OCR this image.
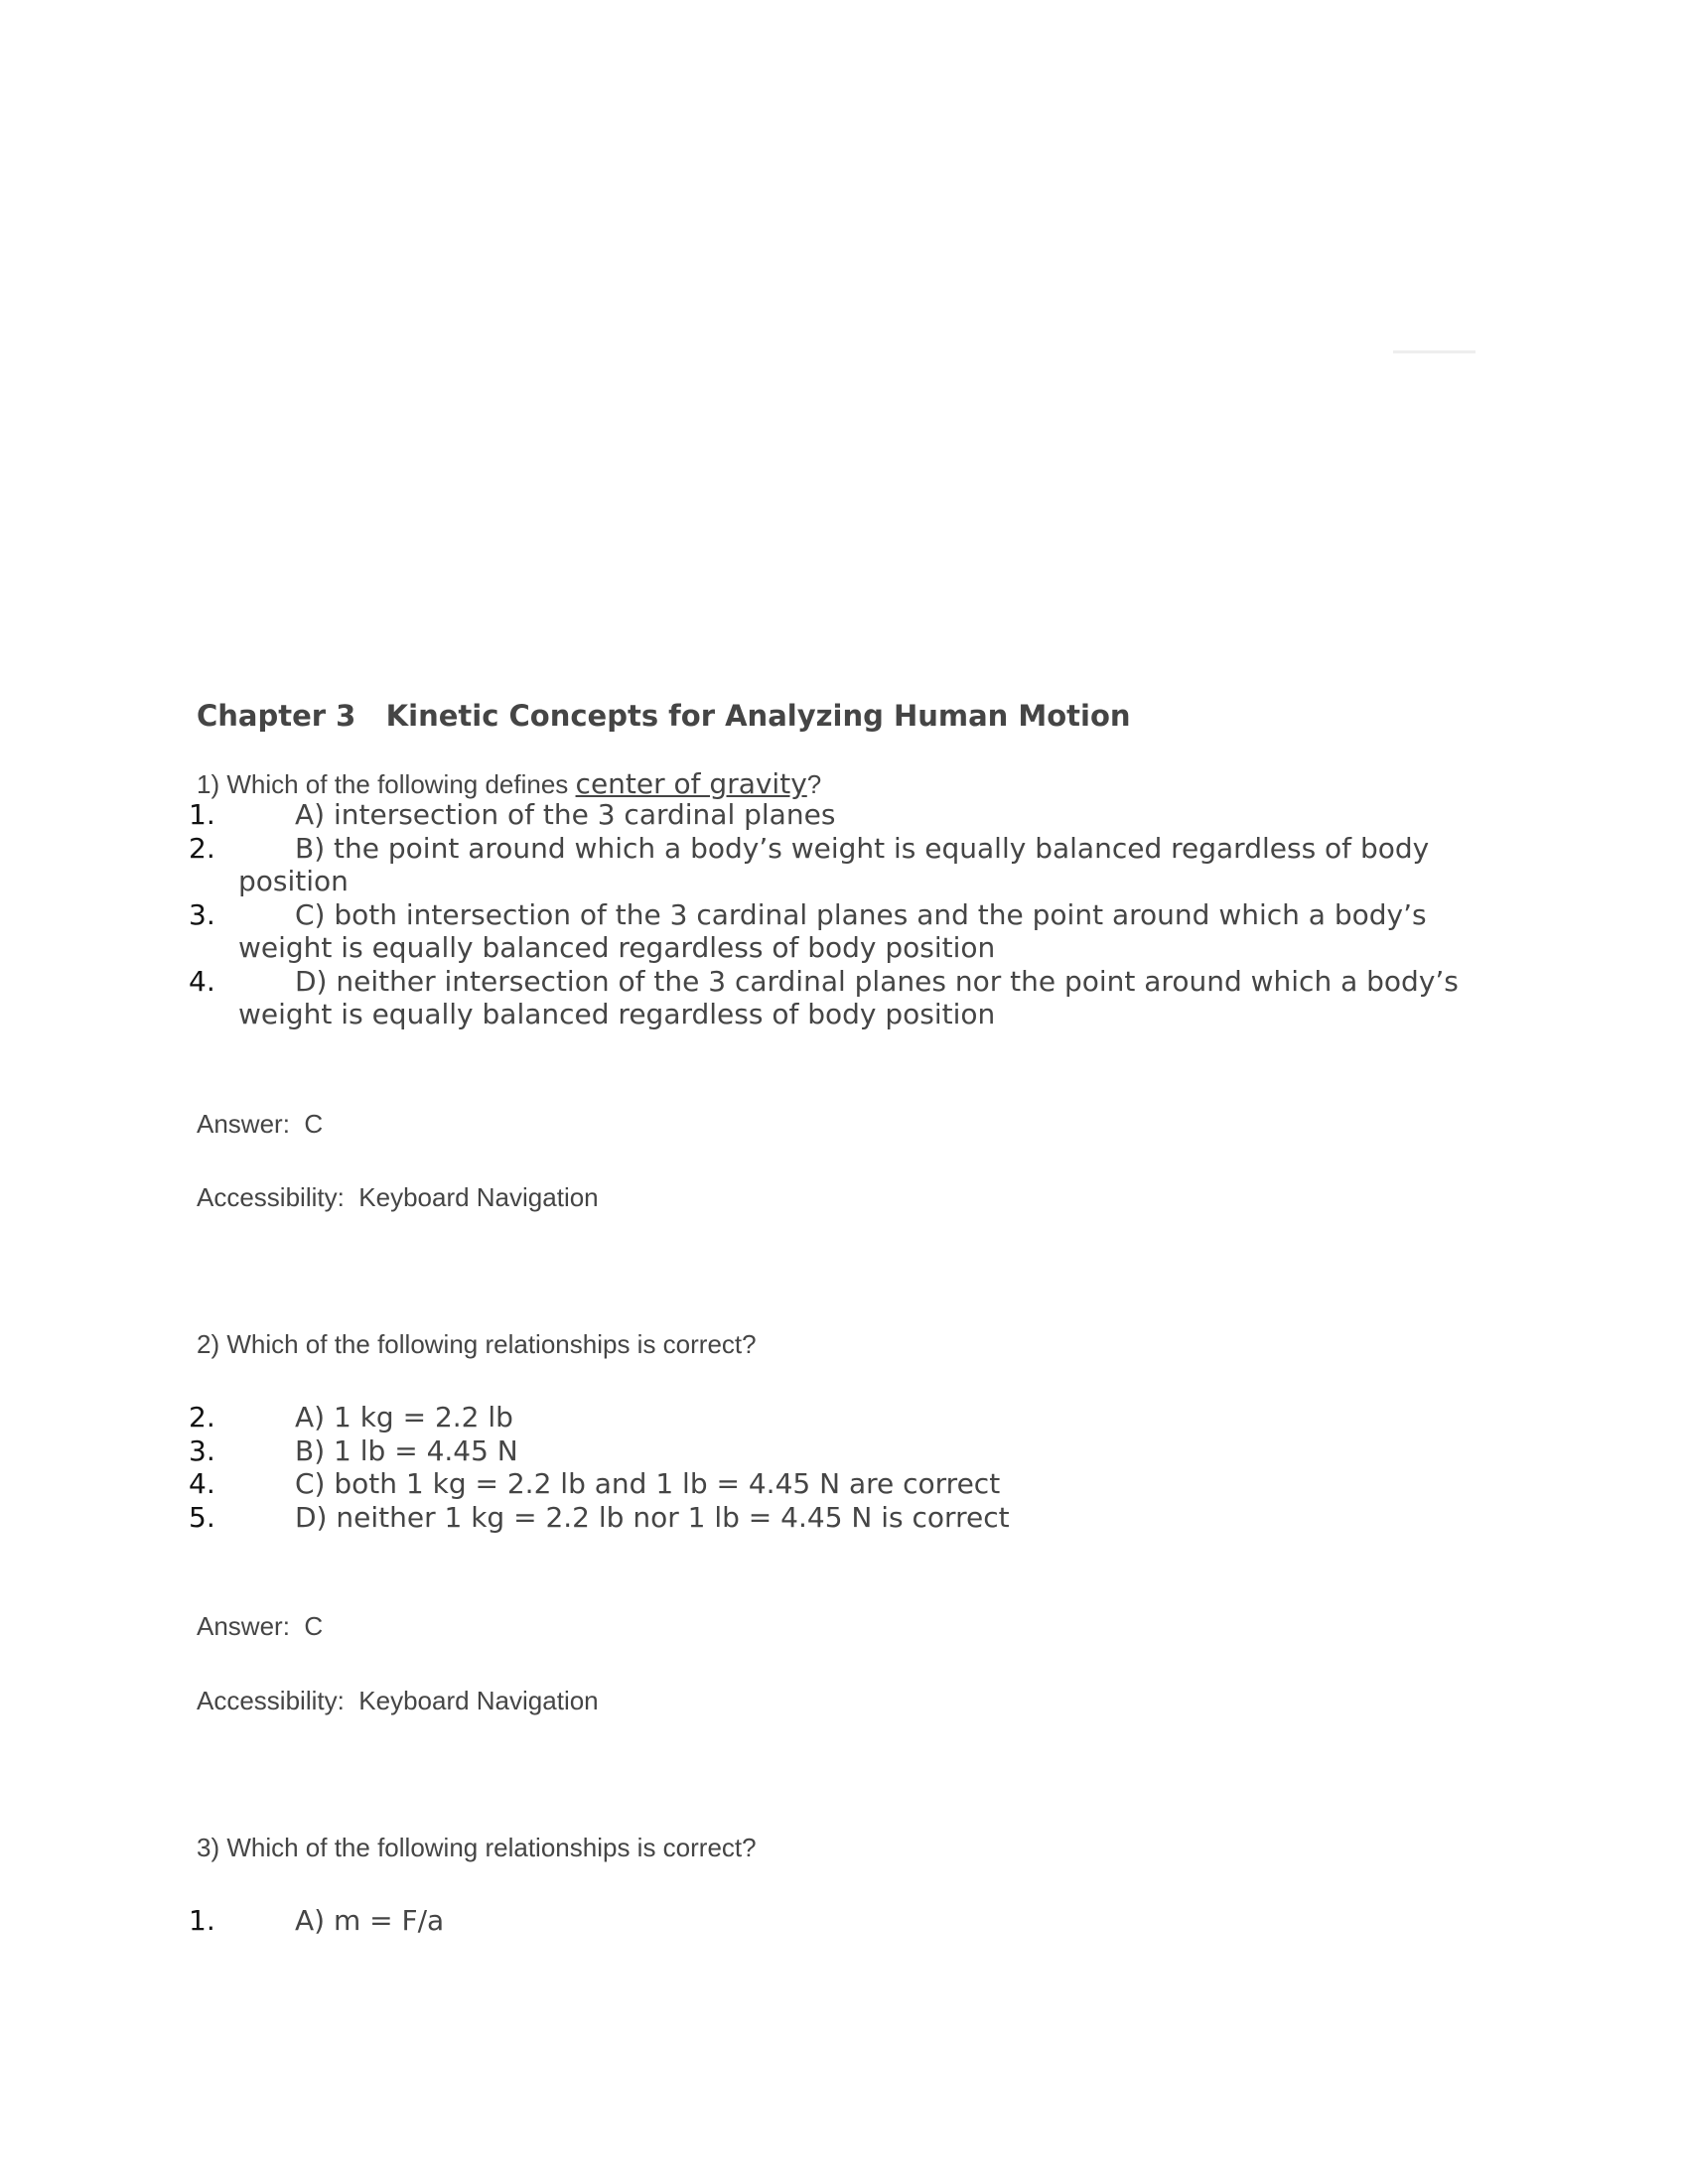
Chapter 3 Kinetic Concepts for Analyzing Human Motion
1) Which of the following defines center of gravity?
1.	A) intersection of the 3 cardinal planes
2.	B) the point around which a body’s weight is equally balanced regardless of body position
3.	C) both intersection of the 3 cardinal planes and the point around which a body’s weight is equally balanced regardless of body position
4.	D) neither intersection of the 3 cardinal planes nor the point around which a body’s weight is equally balanced regardless of body position
Answer:  C
Accessibility:  Keyboard Navigation
2) Which of the following relationships is correct?
2.	A) 1 kg = 2.2 lb
3.	B) 1 lb = 4.45 N
4.	C) both 1 kg = 2.2 lb and 1 lb = 4.45 N are correct
5.	D) neither 1 kg = 2.2 lb nor 1 lb = 4.45 N is correct
Answer:  C
Accessibility:  Keyboard Navigation
3) Which of the following relationships is correct?
1.	A) m = F/a
